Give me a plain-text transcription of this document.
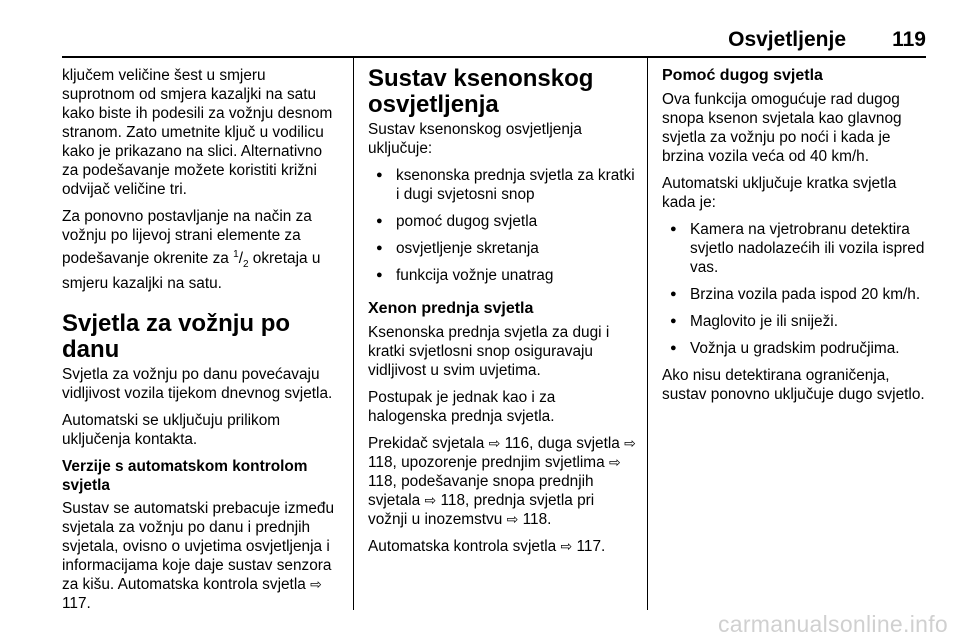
Osvjetljenje 119

ključem veličine šest u smjeru suprotnom od smjera kazaljki na satu kako biste ih podesili za vožnju desnom stranom. Zato umetnite ključ u vodilicu kako je prikazano na slici. Alternativno za podešavanje možete koristiti križni odvijač veličine tri.

Za ponovno postavljanje na način za vožnju po lijevoj strani elemente za podešavanje okrenite za $^1/_2$ okretaja u smjeru kazaljki na satu.

Svjetla za vožnju po danu

Svjetla za vožnju po danu povećavaju vidljivost vozila tijekom dnevnog svjetla.

Automatski se uključuju prilikom uključenja kontakta.

Verzije s automatskom kontrolom svjetla

Sustav se automatski prebacuje između svjetala za vožnju po danu i prednjih svjetala, ovisno o uvjetima osvjetljenja i informacijama koje daje sustav senzora za kišu. Automatska kontrola svjetla ⇨ 117.

Sustav ksenonskog osvjetljenja

Sustav ksenonskog osvjetljenja uključuje:

● ksenonska prednja svjetla za kratki i dugi svjetosni snop
● pomoć dugog svjetla
● osvjetljenje skretanja
● funkcija vožnje unatrag
Xenon prednja svjetla

Ksenonska prednja svjetla za dugi i kratki svjetlosni snop osiguravaju vidljivost u svim uvjetima.

Postupak je jednak kao i za halogenska prednja svjetla.

Prekidač svjetala ⇨ 116, duga svjetla ⇨ 118, upozorenje prednjim svjetlima ⇨ 118, podešavanje snopa prednjih svjetala ⇨ 118, prednja svjetla pri vožnji u inozemstvu ⇨ 118.

Automatska kontrola svjetla ⇨ 117.

Pomoć dugog svjetla

Ova funkcija omogućuje rad dugog snopa ksenon svjetala kao glavnog svjetla za vožnju po noći i kada je brzina vozila veća od 40 km/h.

Automatski uključuje kratka svjetla kada je:

● Kamera na vjetrobranu detektira svjetlo nadolazećih ili vozila ispred vas.
● Brzina vozila pada ispod 20 km/h.
● Maglovito je ili sniježi.
● Vožnja u gradskim područjima.

Ako nisu detektirana ograničenja, sustav ponovno uključuje dugo svjetlo.

carmanualsonline.info
